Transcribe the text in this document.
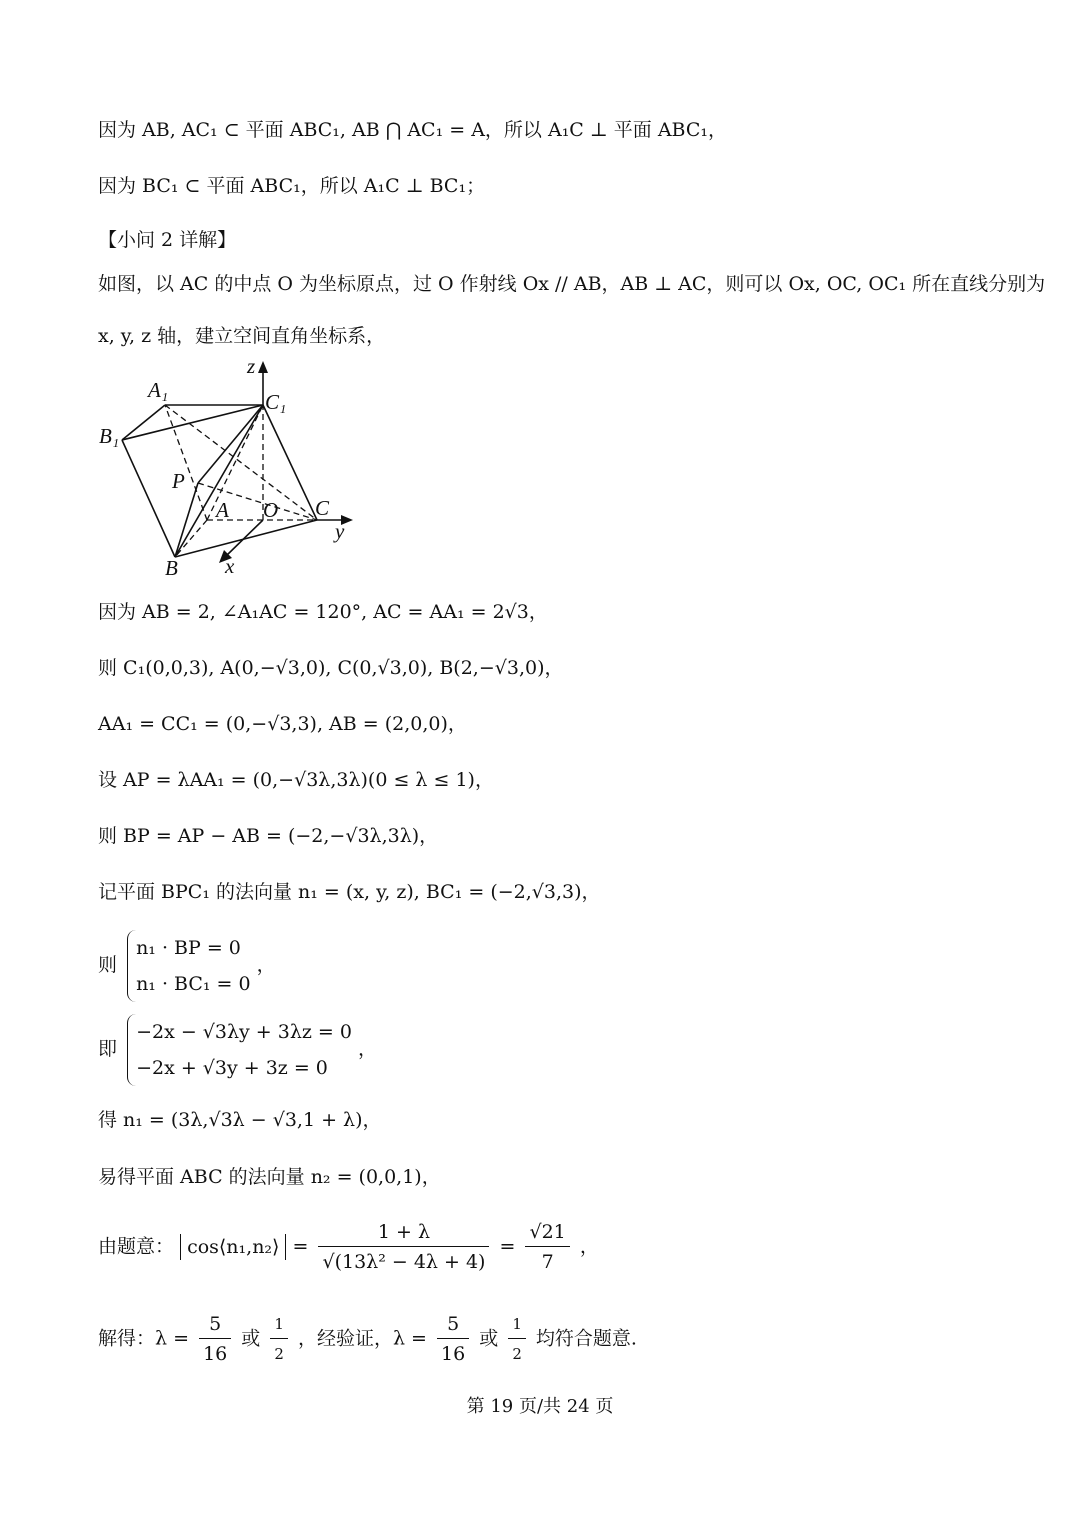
因为 AB, AC₁ ⊂ 平面 ABC₁, AB ⋂ AC₁ = A，所以 A₁C ⊥ 平面 ABC₁，
因为 BC₁ ⊂ 平面 ABC₁，所以 A₁C ⊥ BC₁；
【小问 2 详解】
如图，以 AC 的中点 O 为坐标原点，过 O 作射线 Ox // AB，AB ⊥ AC，则可以 Ox, OC, OC₁ 所在直线分别为
x, y, z 轴，建立空间直角坐标系，
z
A₁	C₁
B₁
P
A O C
y
B x
因为 AB = 2, ∠A₁AC = 120°, AC = AA₁ = 2√3，
则 C₁(0,0,3), A(0,−√3,0), C(0,√3,0), B(2,−√3,0)，
AA₁ = CC₁ = (0,−√3,3), AB = (2,0,0)，
设 AP = λAA₁ = (0,−√3λ,3λ)(0 ≤ λ ≤ 1)，
则 BP = AP − AB = (−2,−√3λ,3λ)，
记平面 BPC₁ 的法向量 n₁ = (x, y, z), BC₁ = (−2,√3,3)，
则
n₁ · BP = 0
n₁ · BC₁ = 0
，
即
−2x − √3λy + 3λz = 0
−2x + √3y + 3z = 0
，
得 n₁ = (3λ,√3λ − √3,1 + λ)，
易得平面 ABC 的法向量 n₂ = (0,0,1)，
由题意： cos⟨n₁,n₂⟩ = $\frac{1 + \lambda}{\text{√(13λ² − 4λ + 4)}} = \frac{√21}{7}$ ，
解得：$\lambda = \frac{5}{16}$ 或 $\frac{1}{2}$ ，经验证，$\lambda = \frac{5}{16}$ 或 $\frac{1}{2}$ 均符合题意.
第 19 页/共 24 页
